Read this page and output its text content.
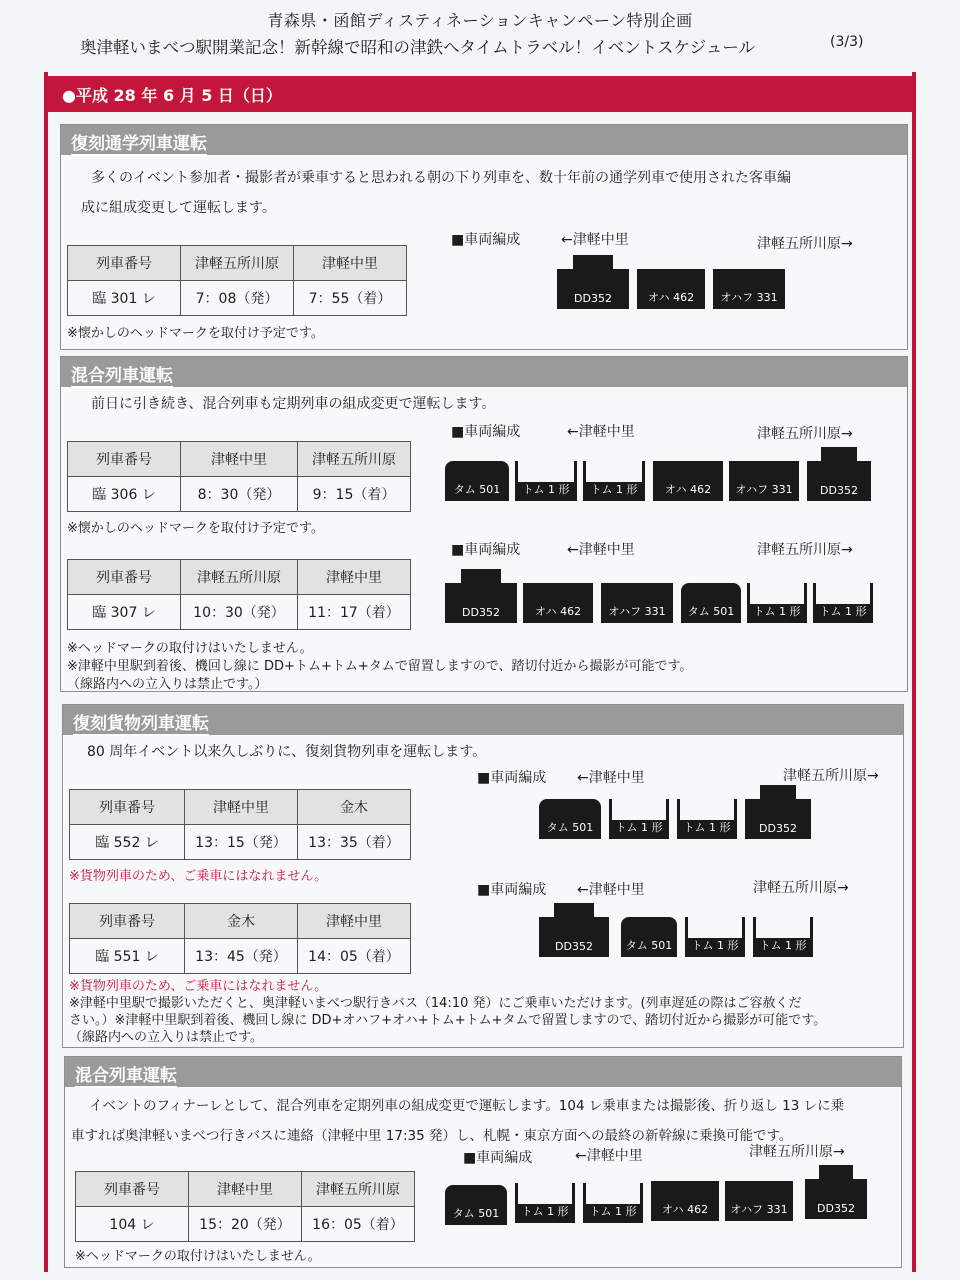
青森県・函館ディスティネーションキャンペーン特別企画
奥津軽いまべつ駅開業記念！新幹線で昭和の津鉄へタイムトラベル！イベントスケジュール	(3/3)
●平成 28 年 6 月 5 日（日）
復刻通学列車運転
多くのイベント参加者・撮影者が乗車すると思われる朝の下り列車を、数十年前の通学列車で使用された客車編
成に組成変更して運転します。
列車番号	津軽五所川原	津軽中里
臨 301 レ	7：08（発）	7：55（着）
※懐かしのヘッドマークを取付け予定です。
■車両編成	←津軽中里	津軽五所川原→
DD352	オハ 462	オハフ 331
混合列車運転
前日に引き続き、混合列車も定期列車の組成変更で運転します。
列車番号	津軽中里	津軽五所川原
臨 306 レ	8：30（発）	9：15（着）
※懐かしのヘッドマークを取付け予定です。
■車両編成	←津軽中里	津軽五所川原→
タム 501	トム 1 形	トム 1 形	オハ 462	オハフ 331	DD352
列車番号	津軽五所川原	津軽中里
臨 307 レ	10：30（発）	11：17（着）
■車両編成	←津軽中里	津軽五所川原→
DD352	オハ 462	オハフ 331	タム 501	トム 1 形	トム 1 形
※ヘッドマークの取付けはいたしません。
※津軽中里駅到着後、機回し線に DD+トム+トム+タムで留置しますので、踏切付近から撮影が可能です。
（線路内への立入りは禁止です。）
復刻貨物列車運転
80 周年イベント以来久しぶりに、復刻貨物列車を運転します。
列車番号	津軽中里	金木
臨 552 レ	13：15（発）	13：35（着）
※貨物列車のため、ご乗車にはなれません。
■車両編成 ←津軽中里	津軽五所川原→
タム 501	トム 1 形	トム 1 形	DD352
列車番号	金木	津軽中里
臨 551 レ	13：45（発）	14：05（着）
■車両編成 ←津軽中里	津軽五所川原→
DD352	タム 501	トム 1 形	トム 1 形
※貨物列車のため、ご乗車にはなれません。
※津軽中里駅で撮影いただくと、奥津軽いまべつ駅行きバス（14:10 発）にご乗車いただけます。(列車遅延の際はご容赦くだ
さい。）※津軽中里駅到着後、機回し線に DD+オハフ+オハ+トム+トム+タムで留置しますので、踏切付近から撮影が可能です。
（線路内への立入りは禁止です。
混合列車運転
イベントのフィナーレとして、混合列車を定期列車の組成変更で運転します。104 レ乗車または撮影後、折り返し 13 レに乗
車すれば奥津軽いまべつ行きバスに連絡（津軽中里 17:35 発）し、札幌・東京方面への最終の新幹線に乗換可能です。
列車番号	津軽中里	津軽五所川原
104 レ	15：20（発）	16：05（着）
※ヘッドマークの取付けはいたしません。
■車両編成	←津軽中里	津軽五所川原→
タム 501	トム 1 形	トム 1 形	オハ 462	オハフ 331	DD352
